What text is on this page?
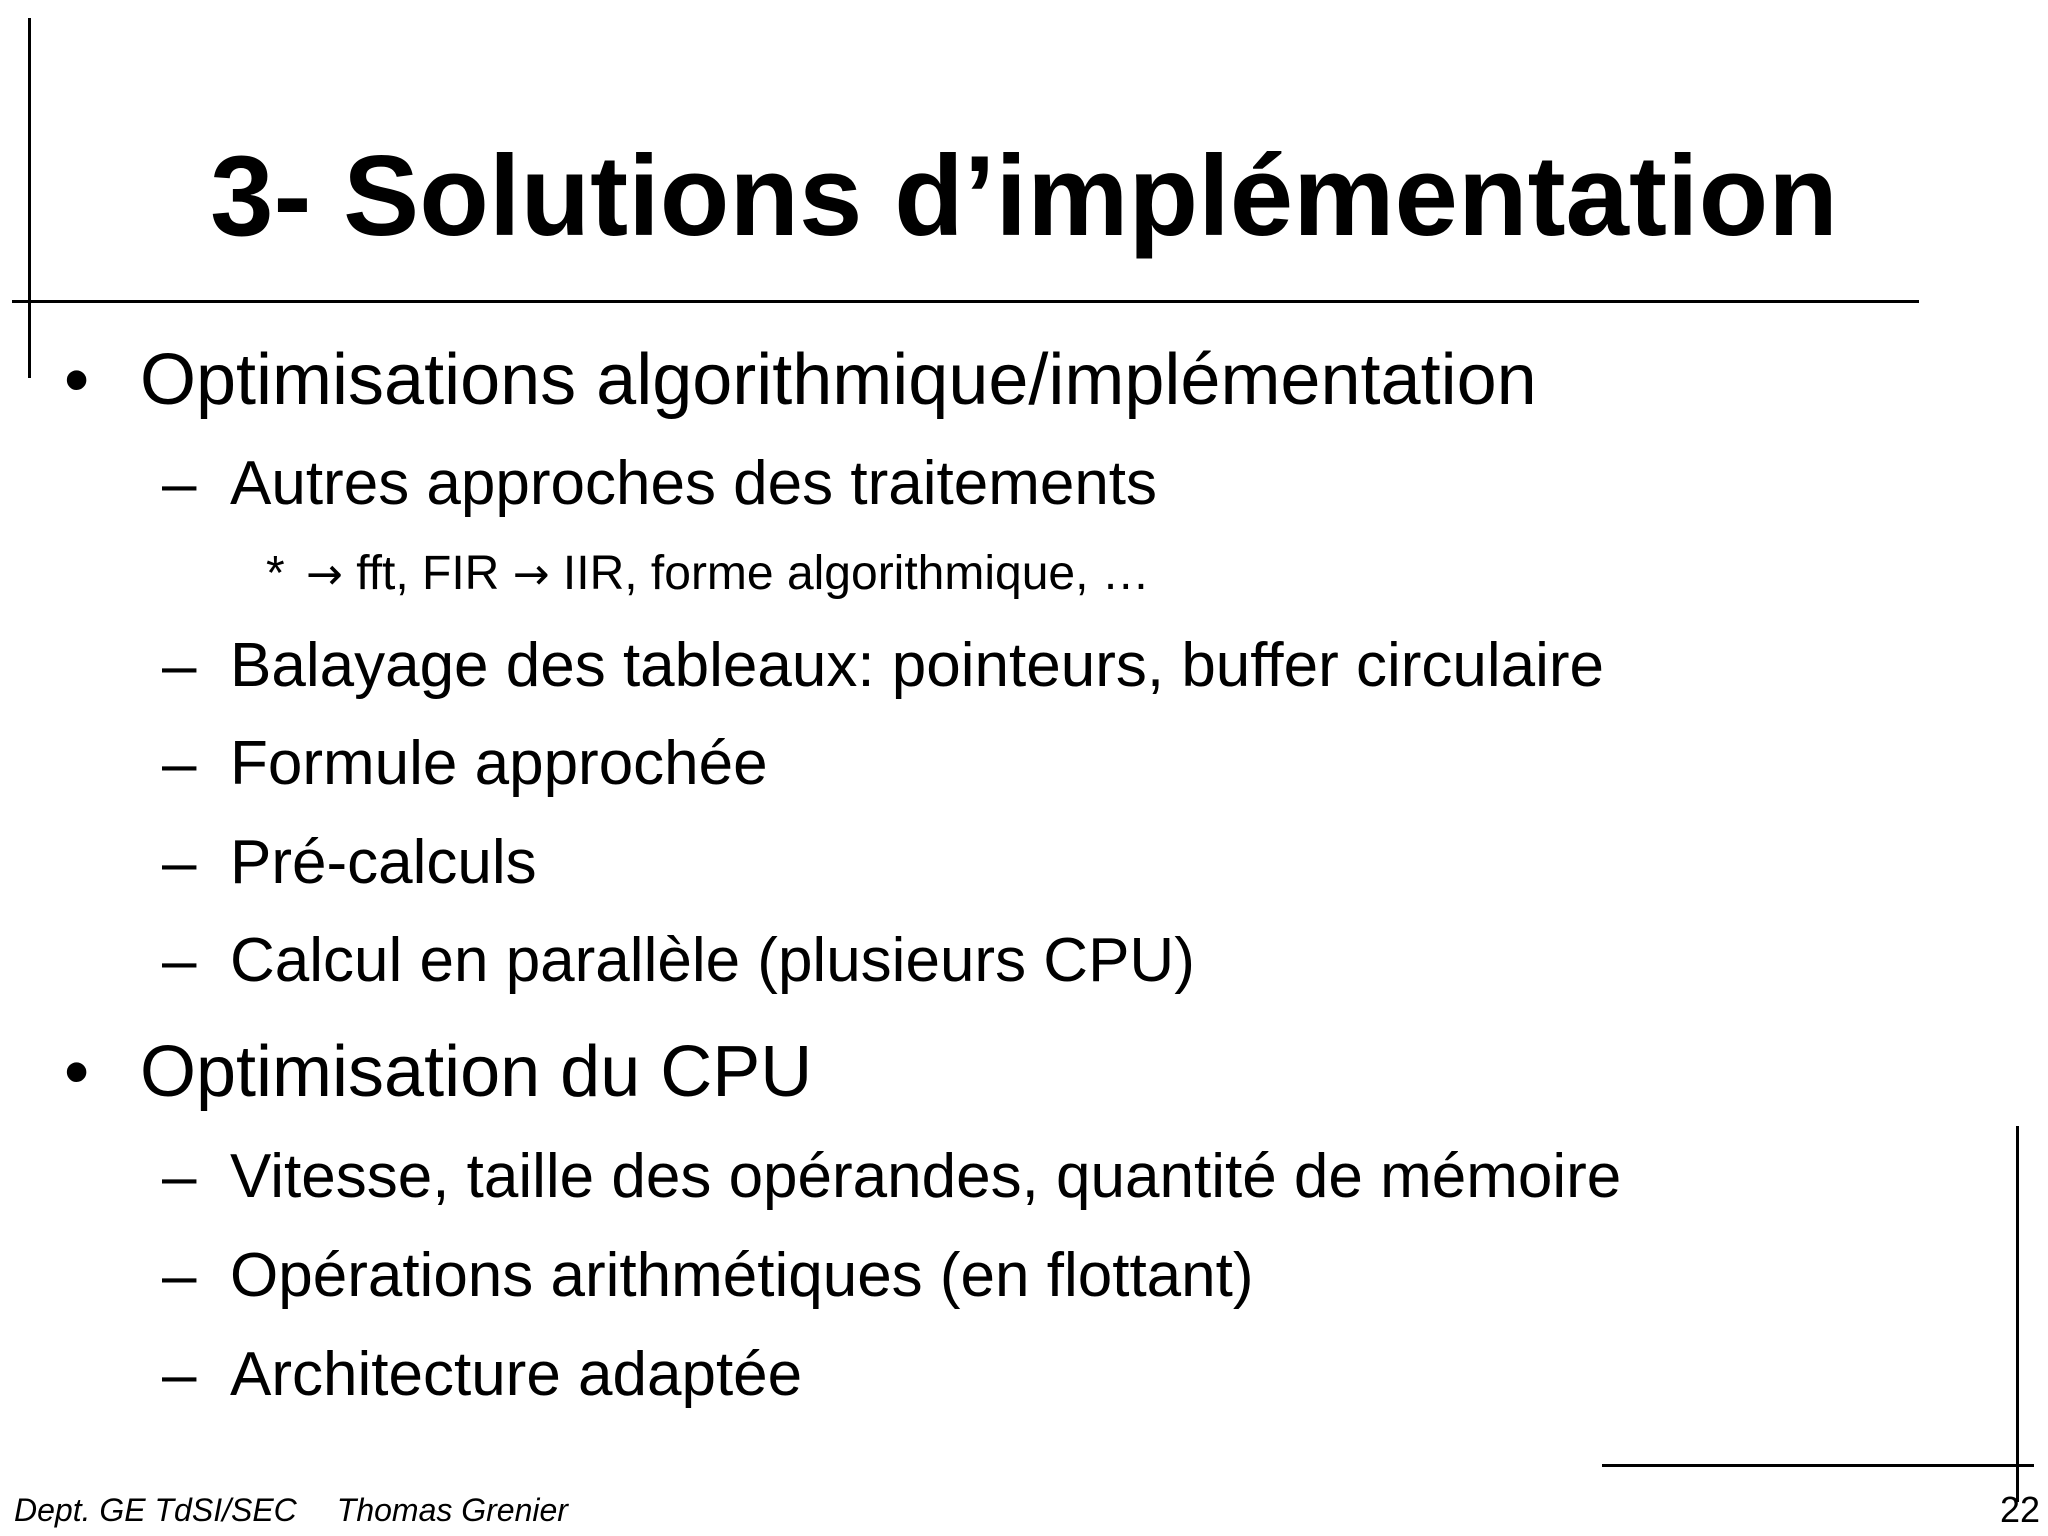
3- Solutions d’implémentation
• Optimisations algorithmique/implémentation
– Autres approches des traitements
* → fft, FIR → IIR, forme algorithmique, …
– Balayage des tableaux: pointeurs, buffer circulaire
– Formule approchée
– Pré-calculs
– Calcul en parallèle (plusieurs CPU)
• Optimisation du CPU
– Vitesse, taille des opérandes, quantité de mémoire
– Opérations arithmétiques (en flottant)
– Architecture adaptée
Dept. GE TdSI/SEC Thomas Grenier	22
